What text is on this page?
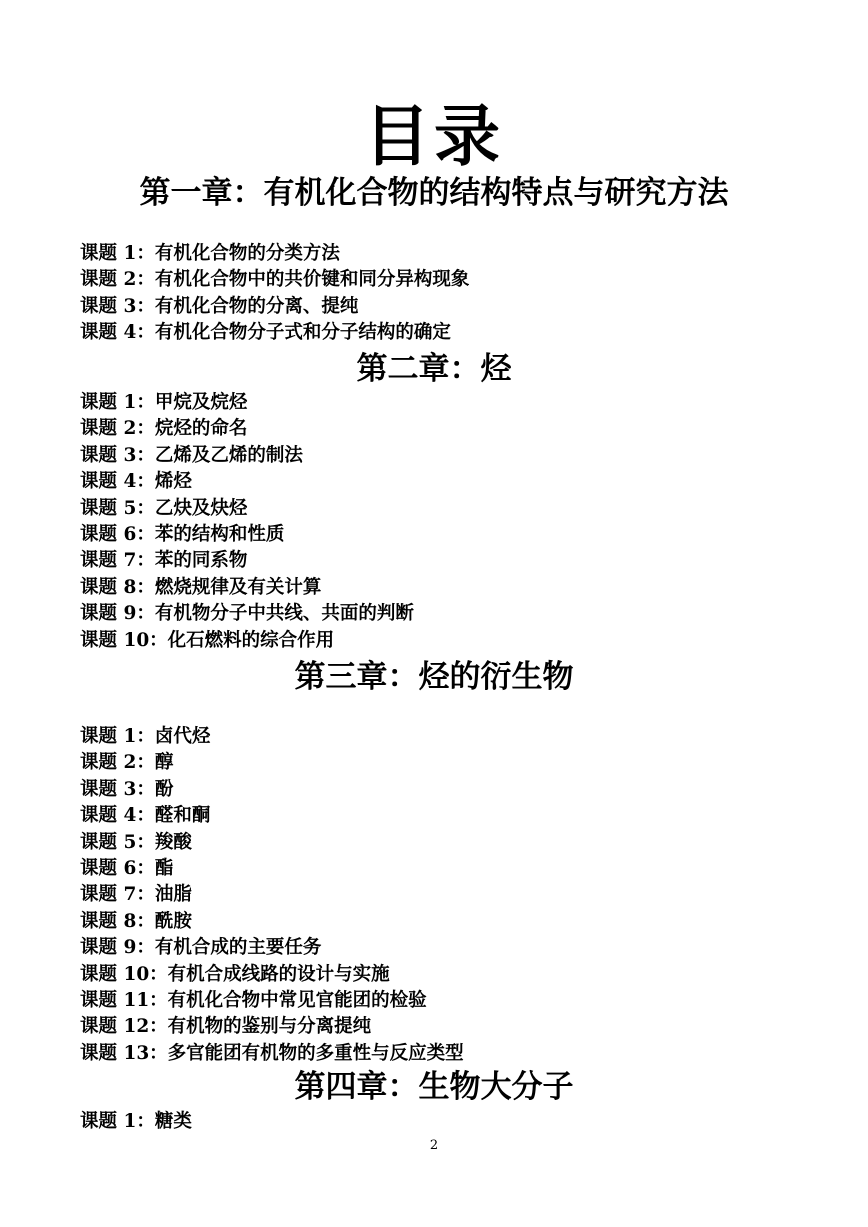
目录
第一章：有机化合物的结构特点与研究方法
课题 1：有机化合物的分类方法
课题 2：有机化合物中的共价键和同分异构现象
课题 3：有机化合物的分离、提纯
课题 4：有机化合物分子式和分子结构的确定
第二章：烃
课题 1：甲烷及烷烃
课题 2：烷烃的命名
课题 3：乙烯及乙烯的制法
课题 4：烯烃
课题 5：乙炔及炔烃
课题 6：苯的结构和性质
课题 7：苯的同系物
课题 8：燃烧规律及有关计算
课题 9：有机物分子中共线、共面的判断
课题 10：化石燃料的综合作用
第三章：烃的衍生物
课题 1：卤代烃
课题 2：醇
课题 3：酚
课题 4：醛和酮
课题 5：羧酸
课题 6：酯
课题 7：油脂
课题 8：酰胺
课题 9：有机合成的主要任务
课题 10：有机合成线路的设计与实施
课题 11：有机化合物中常见官能团的检验
课题 12：有机物的鉴别与分离提纯
课题 13：多官能团有机物的多重性与反应类型
第四章：生物大分子
课题 1：糖类
2
